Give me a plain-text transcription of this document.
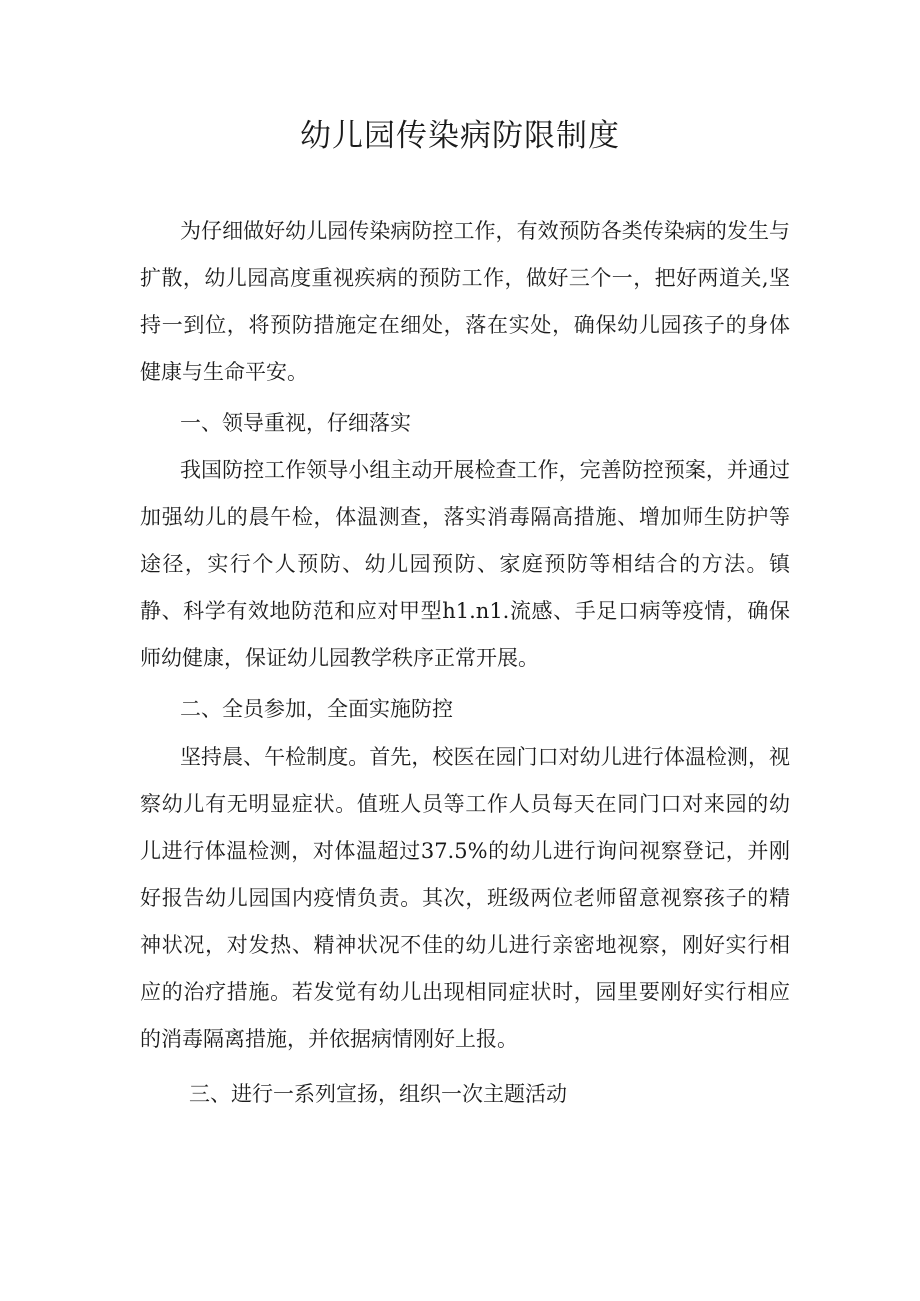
幼儿园传染病防限制度

为仔细做好幼儿园传染病防控工作，有效预防各类传染病的发生与扩散，幼儿园高度重视疾病的预防工作，做好三个一，把好两道关,坚持一到位，将预防措施定在细处，落在实处，确保幼儿园孩子的身体健康与生命平安。

一、领导重视，仔细落实

我国防控工作领导小组主动开展检查工作，完善防控预案，并通过加强幼儿的晨午检，体温测查，落实消毒隔高措施、增加师生防护等途径，实行个人预防、幼儿园预防、家庭预防等相结合的方法。镇静、科学有效地防范和应对甲型h1.n1.流感、手足口病等疫情，确保师幼健康，保证幼儿园教学秩序正常开展。

二、全员参加，全面实施防控

坚持晨、午检制度。首先，校医在园门口对幼儿进行体温检测，视察幼儿有无明显症状。值班人员等工作人员每天在同门口对来园的幼儿进行体温检测，对体温超过37.5%的幼儿进行询问视察登记，并刚好报告幼儿园国内疫情负责。其次，班级两位老师留意视察孩子的精神状况，对发热、精神状况不佳的幼儿进行亲密地视察，刚好实行相应的治疗措施。若发觉有幼儿出现相同症状时，园里要刚好实行相应的消毒隔离措施，并依据病情刚好上报。

三、进行一系列宣扬，组织一次主题活动
